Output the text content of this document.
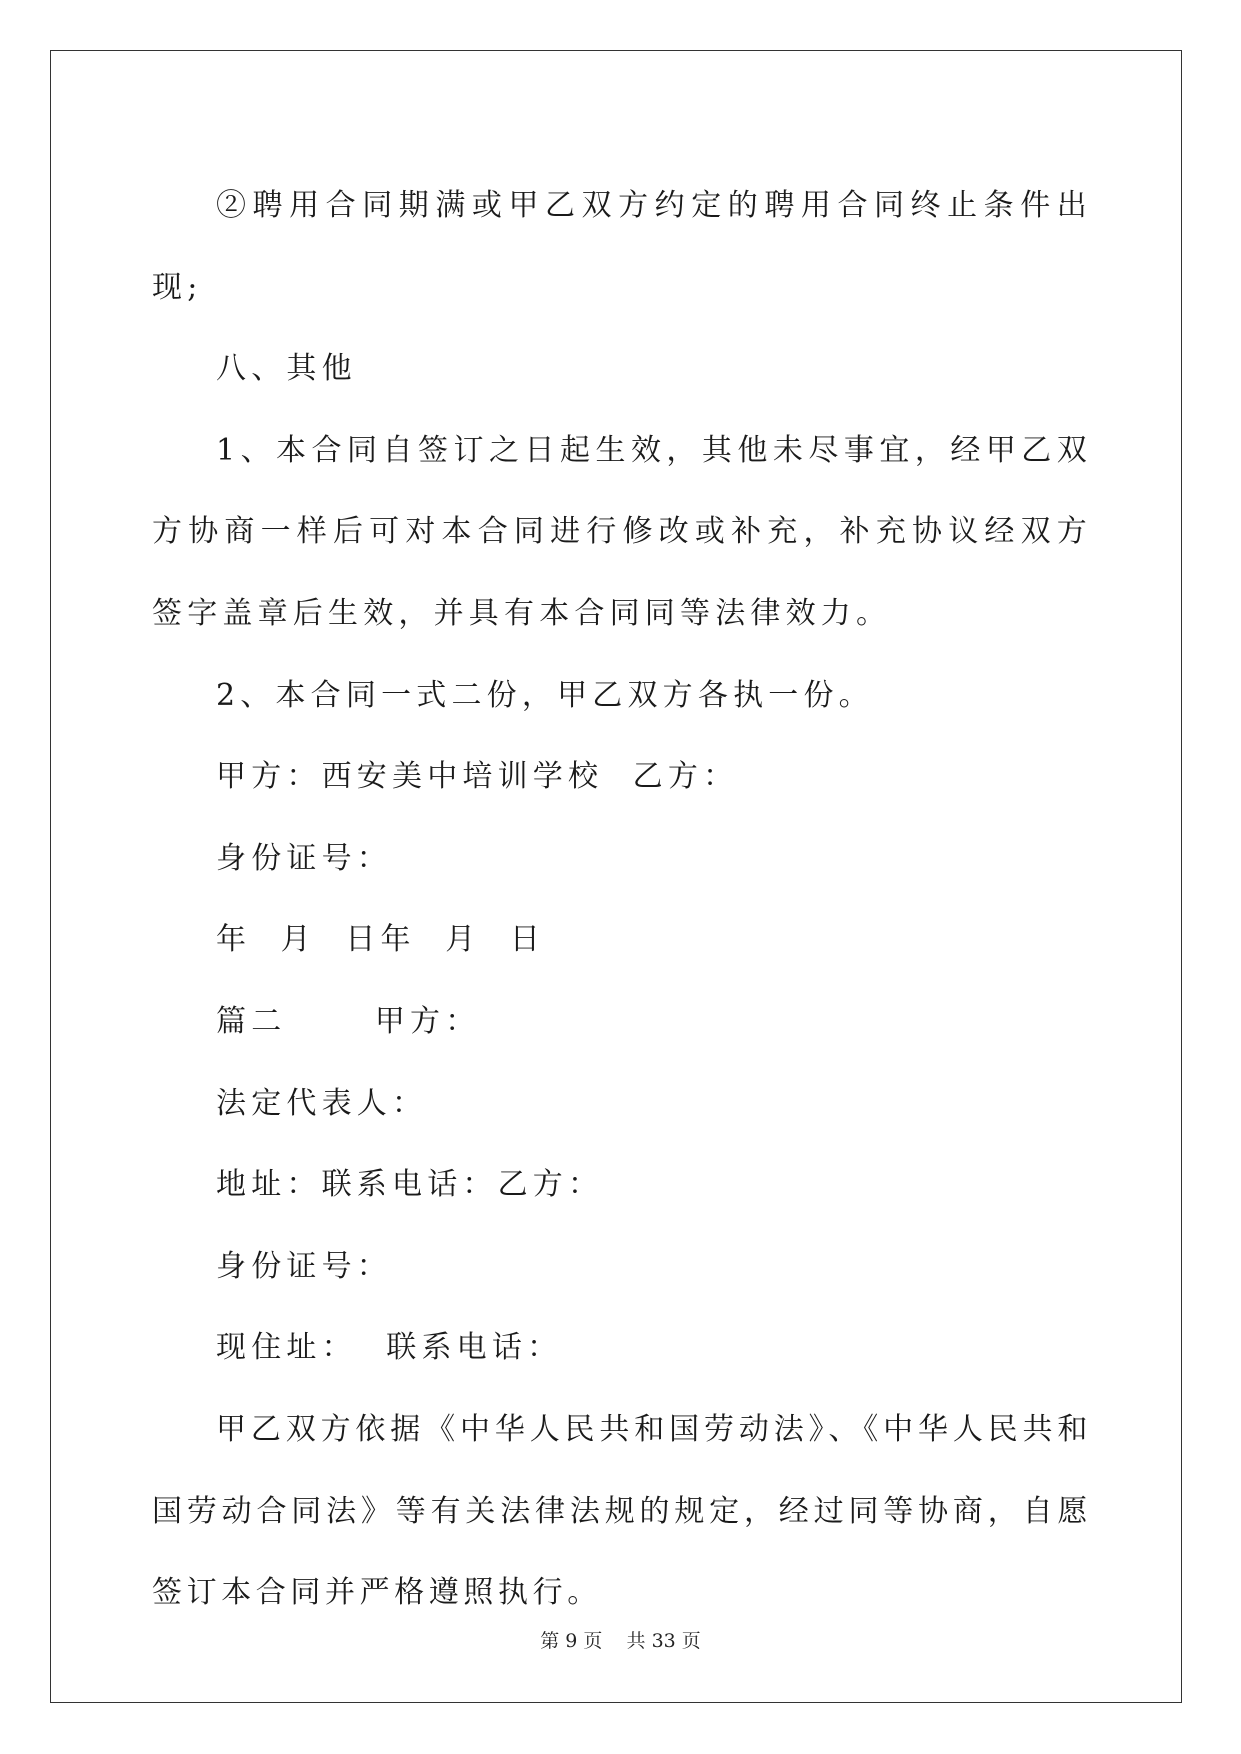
②聘用合同期满或甲乙双方约定的聘用合同终止条件出现;

八、其他

1、本合同自签订之日起生效，其他未尽事宜，经甲乙双方协商一样后可对本合同进行修改或补充，补充协议经双方签字盖章后生效，并具有本合同同等法律效力。

2、本合同一式二份，甲乙双方各执一份。

甲方：西安美中培训学校  乙方：

身份证号：

年  月  日年  月  日

篇二      甲方：

法定代表人：

地址：联系电话：乙方：

身份证号：

现住址：  联系电话：

甲乙双方依据《中华人民共和国劳动法》、《中华人民共和国劳动合同法》等有关法律法规的规定，经过同等协商，自愿签订本合同并严格遵照执行。

第 9 页    共 33 页
